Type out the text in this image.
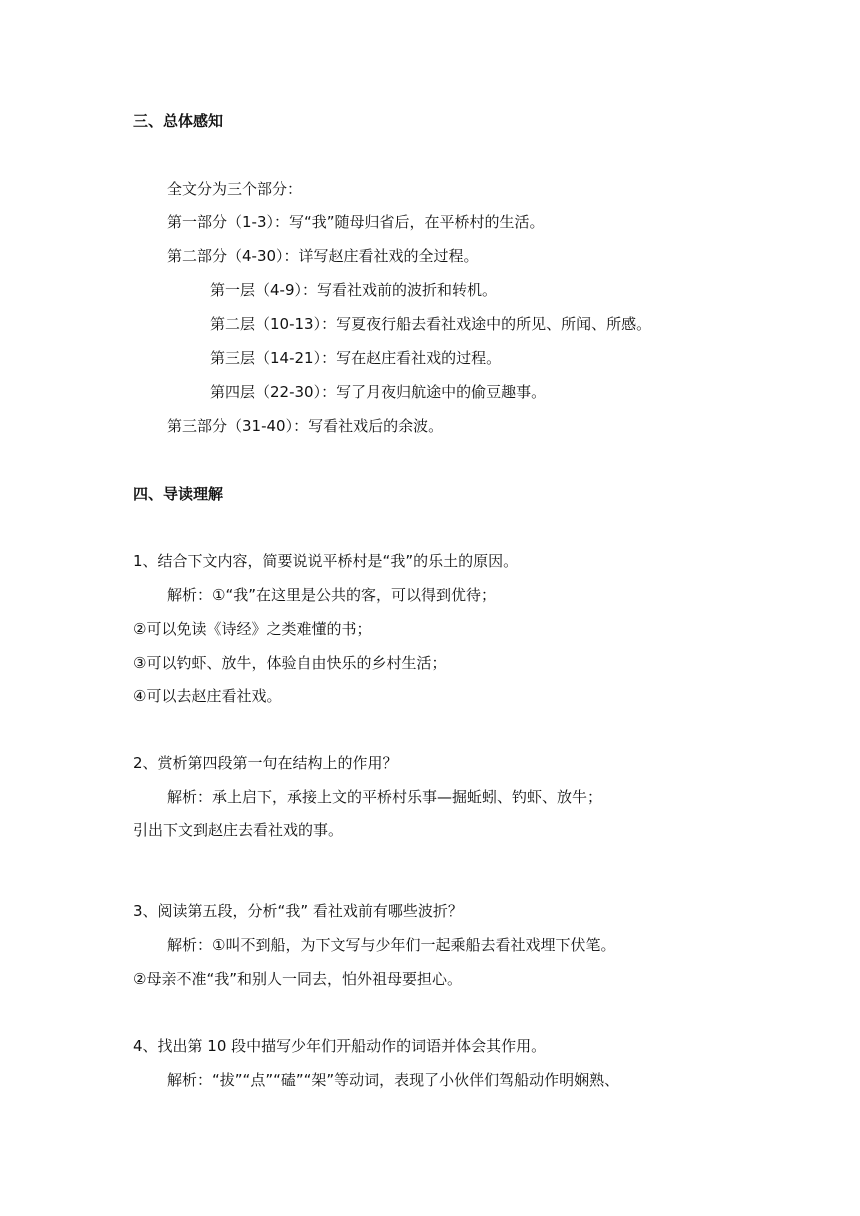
三、总体感知
全文分为三个部分：
第一部分（1-3）：写“我”随母归省后，在平桥村的生活。
第二部分（4-30）：详写赵庄看社戏的全过程。
第一层（4-9）：写看社戏前的波折和转机。
第二层（10-13）：写夏夜行船去看社戏途中的所见、所闻、所感。
第三层（14-21）：写在赵庄看社戏的过程。
第四层（22-30）：写了月夜归航途中的偷豆趣事。
第三部分（31-40）：写看社戏后的余波。
四、导读理解
1、结合下文内容，简要说说平桥村是“我”的乐土的原因。
解析：①“我”在这里是公共的客，可以得到优待；
②可以免读《诗经》之类难懂的书；
③可以钓虾、放牛，体验自由快乐的乡村生活；
④可以去赵庄看社戏。
2、赏析第四段第一句在结构上的作用？
解析：承上启下，承接上文的平桥村乐事—掘蚯蚓、钓虾、放牛；
引出下文到赵庄去看社戏的事。
3、阅读第五段，分析“我” 看社戏前有哪些波折？
解析：①叫不到船，为下文写与少年们一起乘船去看社戏埋下伏笔。
②母亲不准“我”和别人一同去，怕外祖母要担心。
4、找出第 10 段中描写少年们开船动作的词语并体会其作用。
解析：“拔”“点”“磕”“架”等动词，表现了小伙伴们驾船动作明娴熟、
